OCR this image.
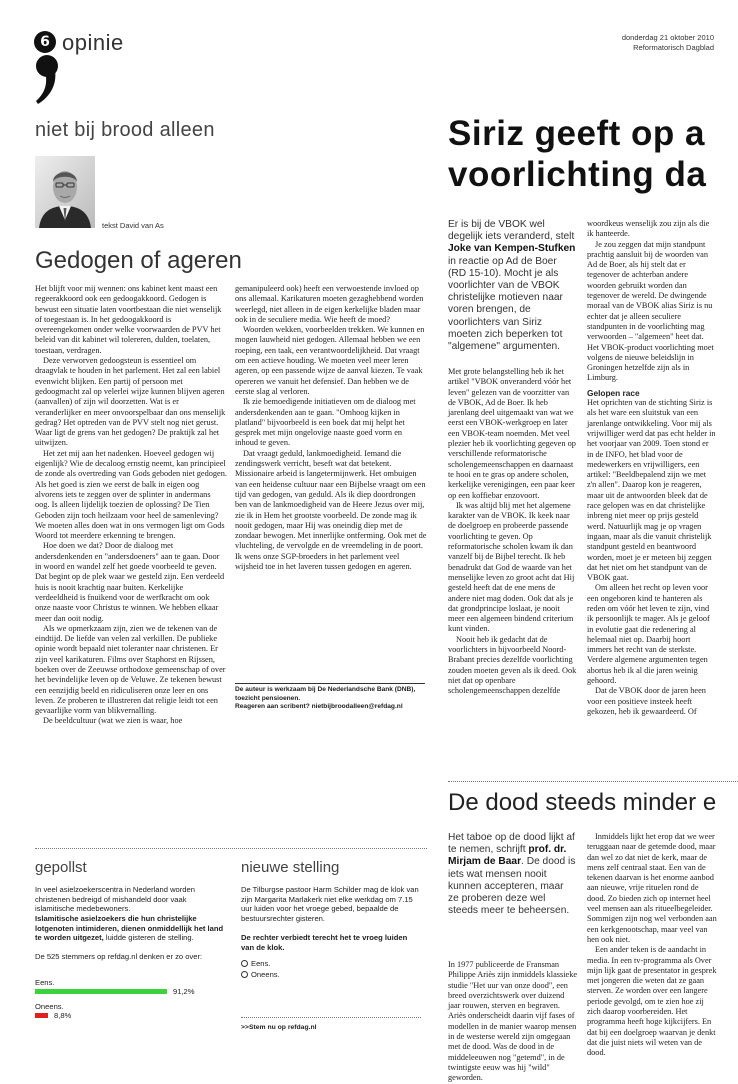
6 opinie	donderdag 21 oktober 2010
Reformatorisch Dagblad
niet bij brood alleen
tekst David van As
Gedogen of ageren

Het blijft voor mij wennen: ons kabinet kent maast een regeerakkoord ook een gedoogakkoord. Gedogen is bewust een situatie laten voortbestaan die niet wenselijk of toegestaan is. In het gedoogakkoord is overeengekomen onder welke voorwaarden de PVV het beleid van dit kabinet wil tolereren, dulden, toelaten, toestaan, verdragen.

Deze verworven gedoogsteun is essentieel om draagvlak te houden in het parlement. Het zal een labiel evenwicht blijken. Een partij of persoon met gedoogmacht zal op velerlei wijze kunnen blijven ageren (aanvallen) of zijn wil doorzetten. Wat is er veranderlijker en meer onvoorspelbaar dan ons menselijk gedrag? Het optreden van de PVV stelt nog niet gerust. Waar ligt de grens van het gedogen? De praktijk zal het uitwijzen.

Het zet mij aan het nadenken. Hoeveel gedogen wij eigenlijk? Wie de decaloog ernstig neemt, kan principieel de zonde als overtreding van Gods geboden niet gedogen. Als het goed is zien we eerst de balk in eigen oog alvorens iets te zeggen over de splinter in andermans oog. Is alleen lijdelijk toezien de oplossing? De Tien Geboden zijn toch heilzaam voor heel de samenleving? We moeten alles doen wat in ons vermogen ligt om Gods Woord tot meerdere erkenning te brengen.

Hoe doen we dat? Door de dialoog met andersdenkenden en "andersdoeners" aan te gaan. Door in woord en wandel zelf het goede voorbeeld te geven. Dat begint op de plek waar we gesteld zijn. Een verdeeld huis is nooit krachtig naar buiten. Kerkelijke verdeeldheid is fnuikend voor de werfkracht om ook onze naaste voor Christus te winnen. We hebben elkaar meer dan ooit nodig.

Als we opmerkzaam zijn, zien we de tekenen van de eindtijd. De liefde van velen zal verkillen. De publieke opinie wordt bepaald niet toleranter naar christenen. Er zijn veel karikaturen. Films over Staphorst en Rijssen, boeken over de Zeeuwse orthodoxe gemeenschap of over het bevindelijke leven op de Veluwe. Ze tekenen bewust een eenzijdig beeld en ridiculiseren onze leer en ons leven. Ze proberen te illustreren dat religie leidt tot een gevaarlijke vorm van blikvernalling.

De beeldcultuur (wat we zien is waar, hoe

gemanipuleerd ook) heeft een verwoestende invloed op ons allemaal. Karikaturen moeten gezaghebbend worden weerlegd, niet alleen in de eigen kerkelijke bladen maar ook in de seculiere media. Wie heeft de moed?

Woorden wekken, voorbeelden trekken. We kunnen en mogen lauwheid niet gedogen. Allemaal hebben we een roeping, een taak, een verantwoordelijkheid. Dat vraagt om een actieve houding. We moeten veel meer leren ageren, op een passende wijze de aanval kiezen. Te vaak opereren we vanuit het defensief. Dan hebben we de eerste slag al verloren.

Ik zie bemoedigende initiatieven om de dialoog met andersdenkenden aan te gaan. "Omhoog kijken in platland" bijvoorbeeld is een boek dat mij helpt het gesprek met mijn ongelovige naaste goed vorm en inhoud te geven.

Dat vraagt geduld, lankmoedigheid. Iemand die zendingswerk verricht, beseft wat dat betekent. Missionaire arbeid is langetermijnwerk. Het ombuigen van een heidense cultuur naar een Bijbelse vraagt om een tijd van gedogen, van geduld. Als ik diep doordrongen ben van de lankmoedigheid van de Heere Jezus over mij, zie ik in Hem het grootste voorbeeld. De zonde mag ik nooit gedogen, maar Hij was oneindig diep met de zondaar bewogen. Met innerlijke ontferming. Ook met de vluchteling, de vervolgde en de vreemdeling in de poort. Ik wens onze SGP-broeders in het parlement veel wijsheid toe in het laveren tussen gedogen en ageren.

De auteur is werkzaam bij De Nederlandsche Bank (DNB), toezicht pensioenen.
Reageren aan scribent? nietbijbroodalleen@refdag.nl
gepollst
In veel asielzoekerscentra in Nederland worden christenen bedreigd of mishandeld door vaak islamitische medebewoners.
Islamitische asielzoekers die hun christelijke lotgenoten intimideren, dienen onmiddellijk het land te worden uitgezet, luidde gisteren de stelling.
De 525 stemmers op refdag.nl denken er zo over:
Eens.
91,2%
Oneens.
8,8%
nieuwe stelling
De Tilburgse pastoor Harm Schilder mag de klok van zijn Margarita Marlakerk niet elke werkdag om 7.15 uur luiden voor het vroege gebed, bepaalde de bestuursrechter gisteren.
De rechter verbiedt terecht het te vroeg luiden van de klok.
Eens.
Oneens.
>>Stem nu op refdag.nl
Siriz geeft op a
voorlichting da
Er is bij de VBOK wel degelijk iets veranderd, stelt Joke van Kempen-Stufken in reactie op Ad de Boer (RD 15-10). Mocht je als voorlichter van de VBOK christelijke motieven naar voren brengen, de voorlichters van Siriz moeten zich beperken tot "algemene" argumenten.

Met grote belangstelling heb ik het artikel "VBOK onveranderd vóór het leven" gelezen van de voorzitter van de VBOK, Ad de Boer. Ik heb jarenlang deel uitgemaakt van wat we eerst een VBOK-werkgroep en later een VBOK-team noemden. Met veel plezier heb ik voorlichting gegeven op verschillende reformatorische scholengemeenschappen en daarnaast te hooi en te gras op andere scholen, kerkelijke verenigingen, een paar keer op een koffiebar enzovoort.

Ik was altijd blij met het algemene karakter van de VBOK. Ik keek naar de doelgroep en probeerde passende voorlichting te geven. Op reformatorische scholen kwam ik dan vanzelf bij de Bijbel terecht. Ik heb benadrukt dat God de waarde van het menselijke leven zo groot acht dat Hij gesteld heeft dat de ene mens de andere niet mag doden. Ook dat als je dat grondprincipe loslaat, je nooit meer een algemeen bindend criterium kunt vinden.

Nooit heb ik gedacht dat de voorlichters in bijvoorbeeld Noord-Brabant precies dezelfde voorlichting zouden moeten geven als ik deed. Ook niet dat op openbare scholengemeenschappen dezelfde

woordkeus wenselijk zou zijn als die ik hanteerde.

Je zou zeggen dat mijn standpunt prachtig aansluit bij de woorden van Ad de Boer, als hij stelt dat er tegenover de achterban andere woorden gebruikt worden dan tegenover de wereld. De dwingende moraal van de VBOK alias Siriz is nu echter dat je alleen seculiere standpunten in de voorlichting mag verwoorden – "algemeen" heet dat. Het VBOK-product voorlichting moet volgens de nieuwe beleidslijn in Groningen hetzelfde zijn als in Limburg.

Gelopen race

Het oprichten van de stichting Siriz is als het ware een sluitstuk van een jarenlange ontwikkeling. Voor mij als vrijwilliger werd dat pas echt helder in het voorjaar van 2009. Toen stond er in de INFO, het blad voor de medewerkers en vrijwilligers, een artikel: "Beeldbepalend zijn we met z'n allen". Daarop kon je reageren, maar uit de antwoorden bleek dat de race gelopen was en dat christelijke inbreng niet meer op prijs gesteld werd. Natuurlijk mag je op vragen ingaan, maar als die vanuit christelijk standpunt gesteld en beantwoord worden, moet je er meteen bij zeggen dat het niet om het standpunt van de VBOK gaat.

Om alleen het recht op leven voor een ongeboren kind te hanteren als reden om vóór het leven te zijn, vind ik persoonlijk te mager. Als je geloof in evolutie gaat die redenering al helemaal niet op. Daarbij hoort immers het recht van de sterkste. Verdere algemene argumenten tegen abortus heb ik al die jaren weinig gehoord.

Dat de VBOK door de jaren heen voor een positieve insteek heeft gekozen, heb ik gewaardeerd. Of

De dood steeds minder e
Het taboe op de dood lijkt af te nemen, schrijft prof. dr. Mirjam de Baar. De dood is iets wat mensen nooit kunnen accepteren, maar ze proberen deze wel steeds meer te beheersen.

In 1977 publiceerde de Fransman Philippe Ariès zijn inmiddels klassieke studie "Het uur van onze dood", een breed overzichtswerk over duizend jaar rouwen, sterven en begraven. Ariès onderscheidt daarin vijf fases of modellen in de manier waarop mensen in de westerse wereld zijn omgegaan met de dood. Was de dood in de middeleeuwen nog "getemd", in de twintigste eeuw was hij "wild" geworden.

Inmiddels lijkt het erop dat we weer teruggaan naar de getemde dood, maar dan wel zo dat niet de kerk, maar de mens zelf centraal staat. Een van de tekenen daarvan is het enorme aanbod aan nieuwe, vrije rituelen rond de dood. Zo bieden zich op internet heel veel mensen aan als ritueelbegeleider. Sommigen zijn nog wel verbonden aan een kerkgenootschap, maar veel van hen ook niet.

Een ander teken is de aandacht in media. In een tv-programma als Over mijn lijk gaat de presentator in gesprek met jongeren die weten dat ze gaan sterven. Ze worden over een langere periode gevolgd, om te zien hoe zij zich daarop voorbereiden. Het programma heeft hoge kijkcijfers. En dat bij een doelgroep waarvan je denkt dat die juist niets wil weten van de dood.
